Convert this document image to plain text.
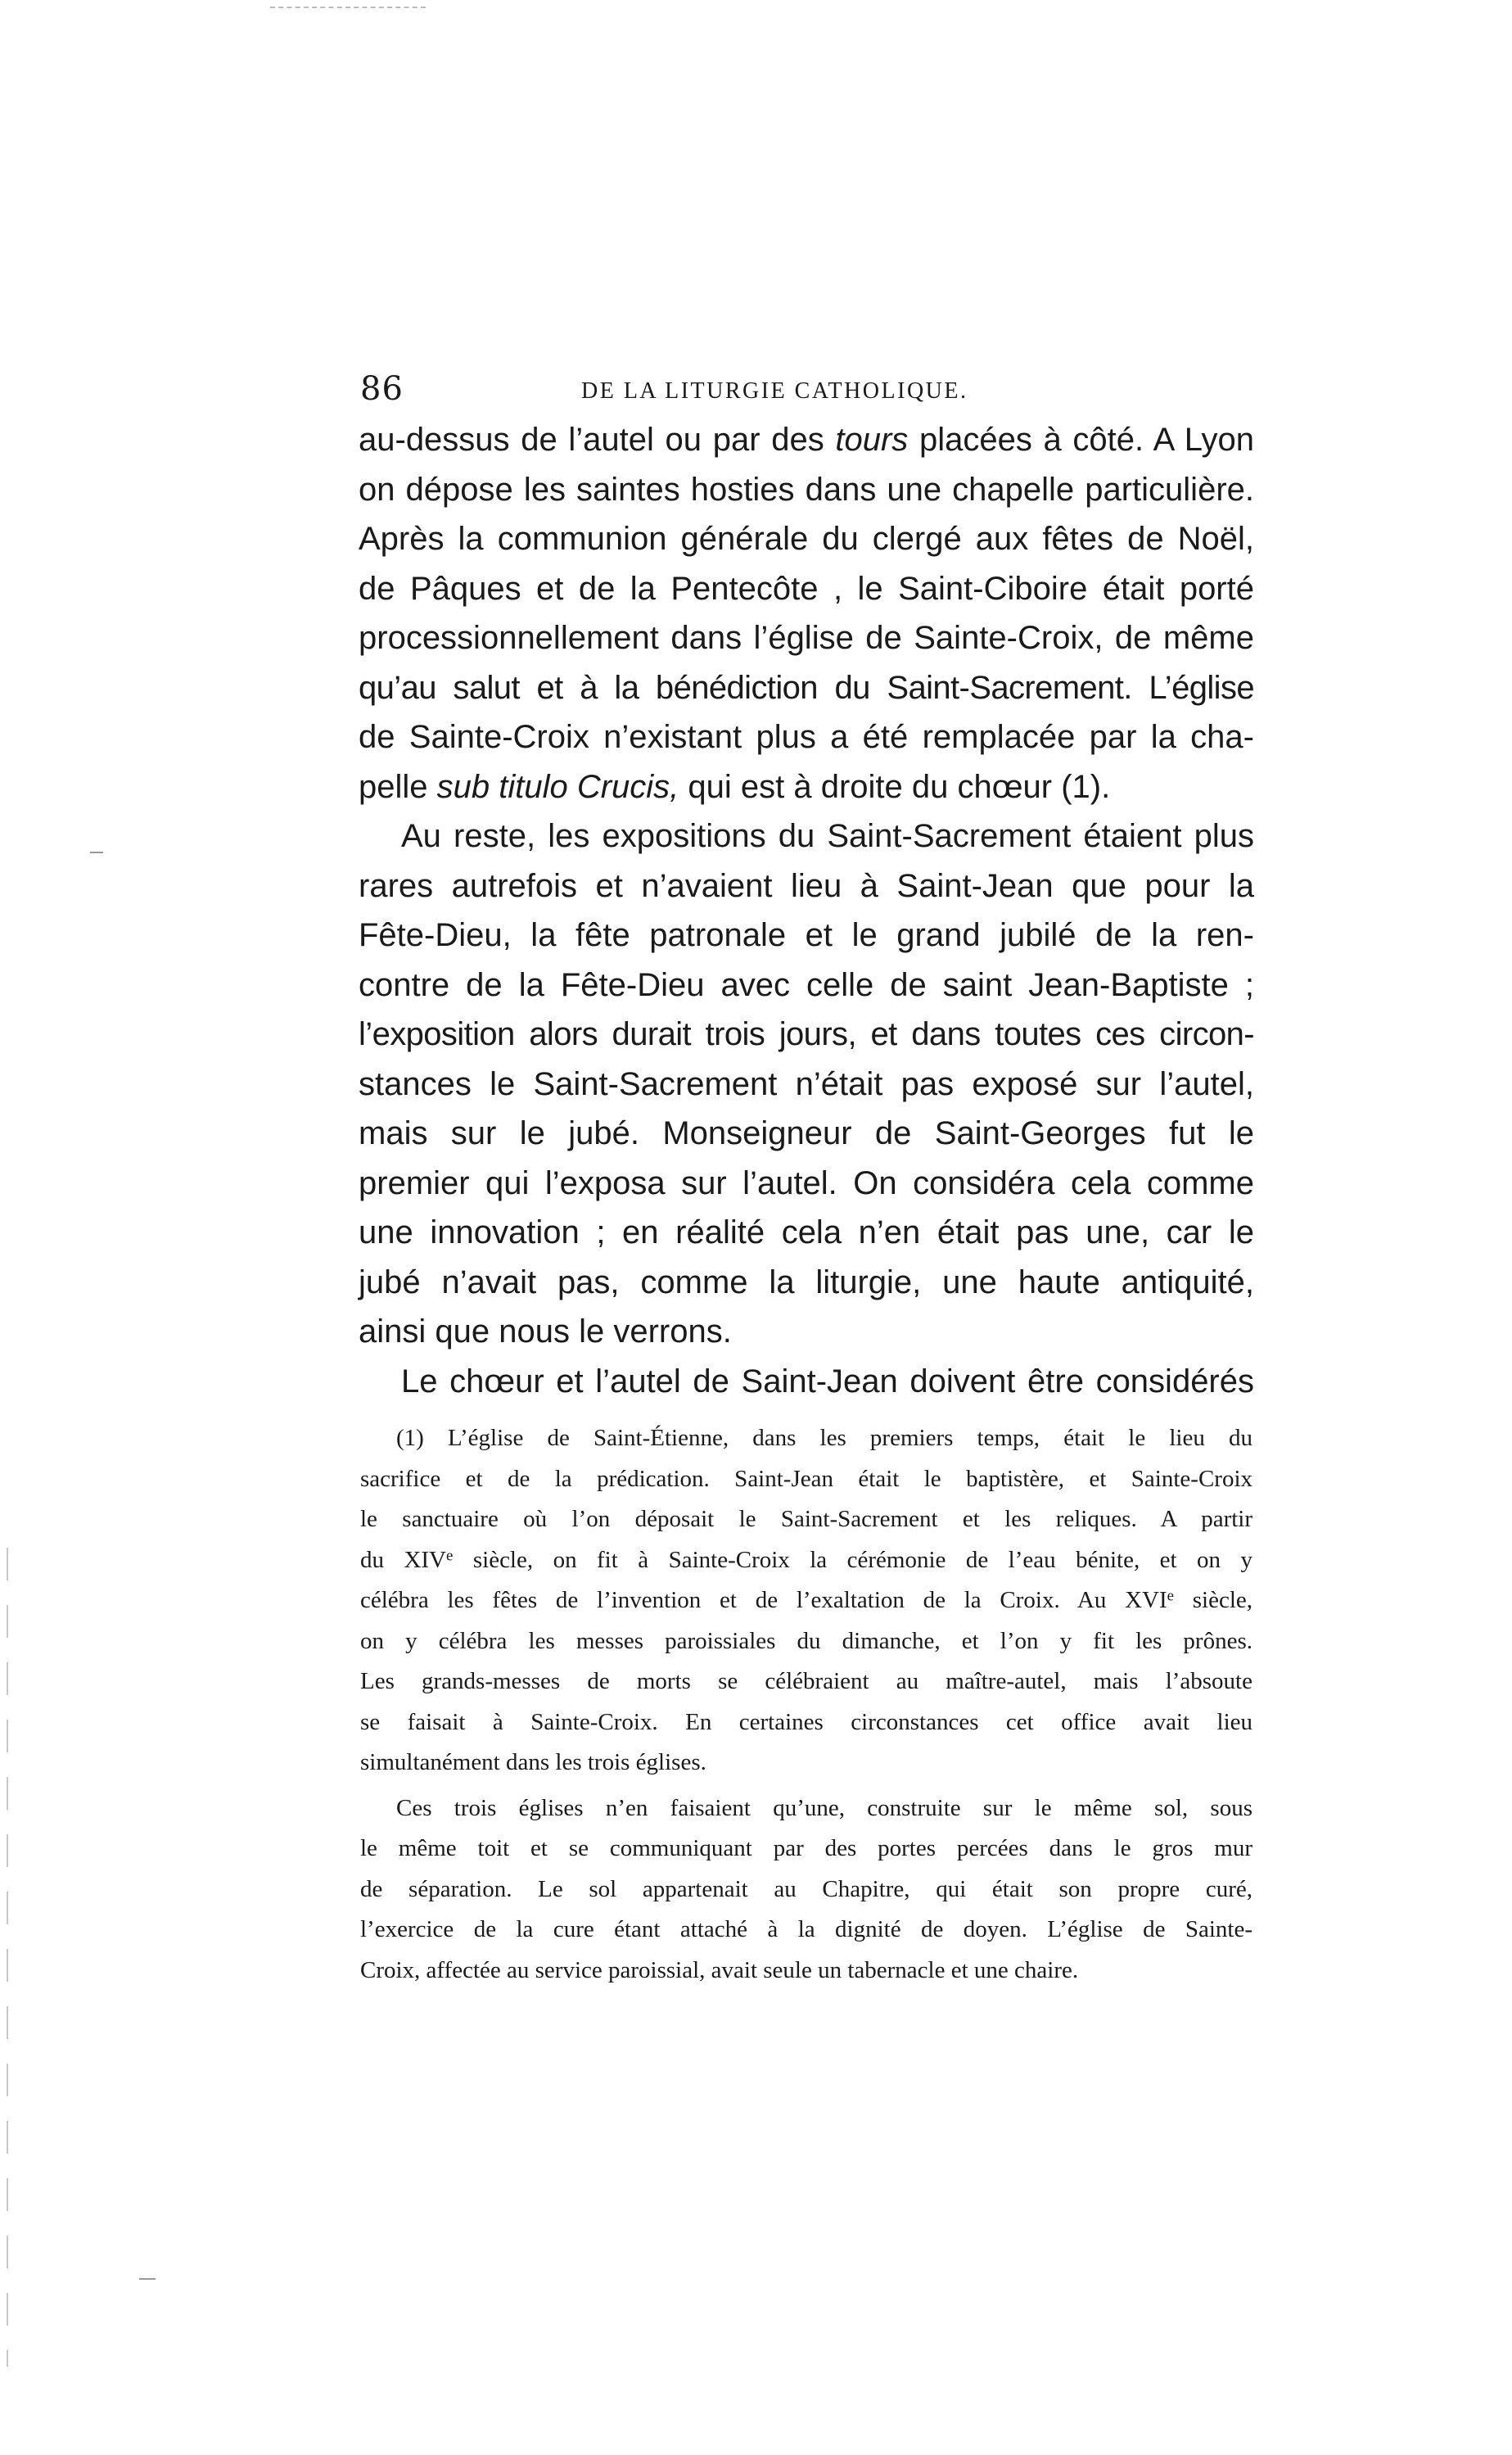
86	DE LA LITURGIE CATHOLIQUE.
au-dessus de l’autel ou par des tours placées à côté. A Lyon
on dépose les saintes hosties dans une chapelle particulière.
Après la communion générale du clergé aux fêtes de Noël,
de Pâques et de la Pentecôte , le Saint-Ciboire était porté
processionnellement dans l’église de Sainte-Croix, de même
qu’au salut et à la bénédiction du Saint-Sacrement. L’église
de Sainte-Croix n’existant plus a été remplacée par la cha-
pelle sub titulo Crucis, qui est à droite du chœur (1).
Au reste, les expositions du Saint-Sacrement étaient plus
rares autrefois et n’avaient lieu à Saint-Jean que pour la
Fête-Dieu, la fête patronale et le grand jubilé de la ren-
contre de la Fête-Dieu avec celle de saint Jean-Baptiste ;
l’exposition alors durait trois jours, et dans toutes ces circon-
stances le Saint-Sacrement n’était pas exposé sur l’autel,
mais sur le jubé. Monseigneur de Saint-Georges fut le
premier qui l’exposa sur l’autel. On considéra cela comme
une innovation ; en réalité cela n’en était pas une, car le
jubé n’avait pas, comme la liturgie, une haute antiquité,
ainsi que nous le verrons.
Le chœur et l’autel de Saint-Jean doivent être considérés
(1) L’église de Saint-Étienne, dans les premiers temps, était le lieu du
sacrifice et de la prédication. Saint-Jean était le baptistère, et Sainte-Croix
le sanctuaire où l’on déposait le Saint-Sacrement et les reliques. A partir
du XIVe siècle, on fit à Sainte-Croix la cérémonie de l’eau bénite, et on y
célébra les fêtes de l’invention et de l’exaltation de la Croix. Au XVIe siècle,
on y célébra les messes paroissiales du dimanche, et l’on y fit les prônes.
Les grands-messes de morts se célébraient au maître-autel, mais l’absoute
se faisait à Sainte-Croix. En certaines circonstances cet office avait lieu
simultanément dans les trois églises.
Ces trois églises n’en faisaient qu’une, construite sur le même sol, sous
le même toit et se communiquant par des portes percées dans le gros mur
de séparation. Le sol appartenait au Chapitre, qui était son propre curé,
l’exercice de la cure étant attaché à la dignité de doyen. L’église de Sainte-
Croix, affectée au service paroissial, avait seule un tabernacle et une chaire.
